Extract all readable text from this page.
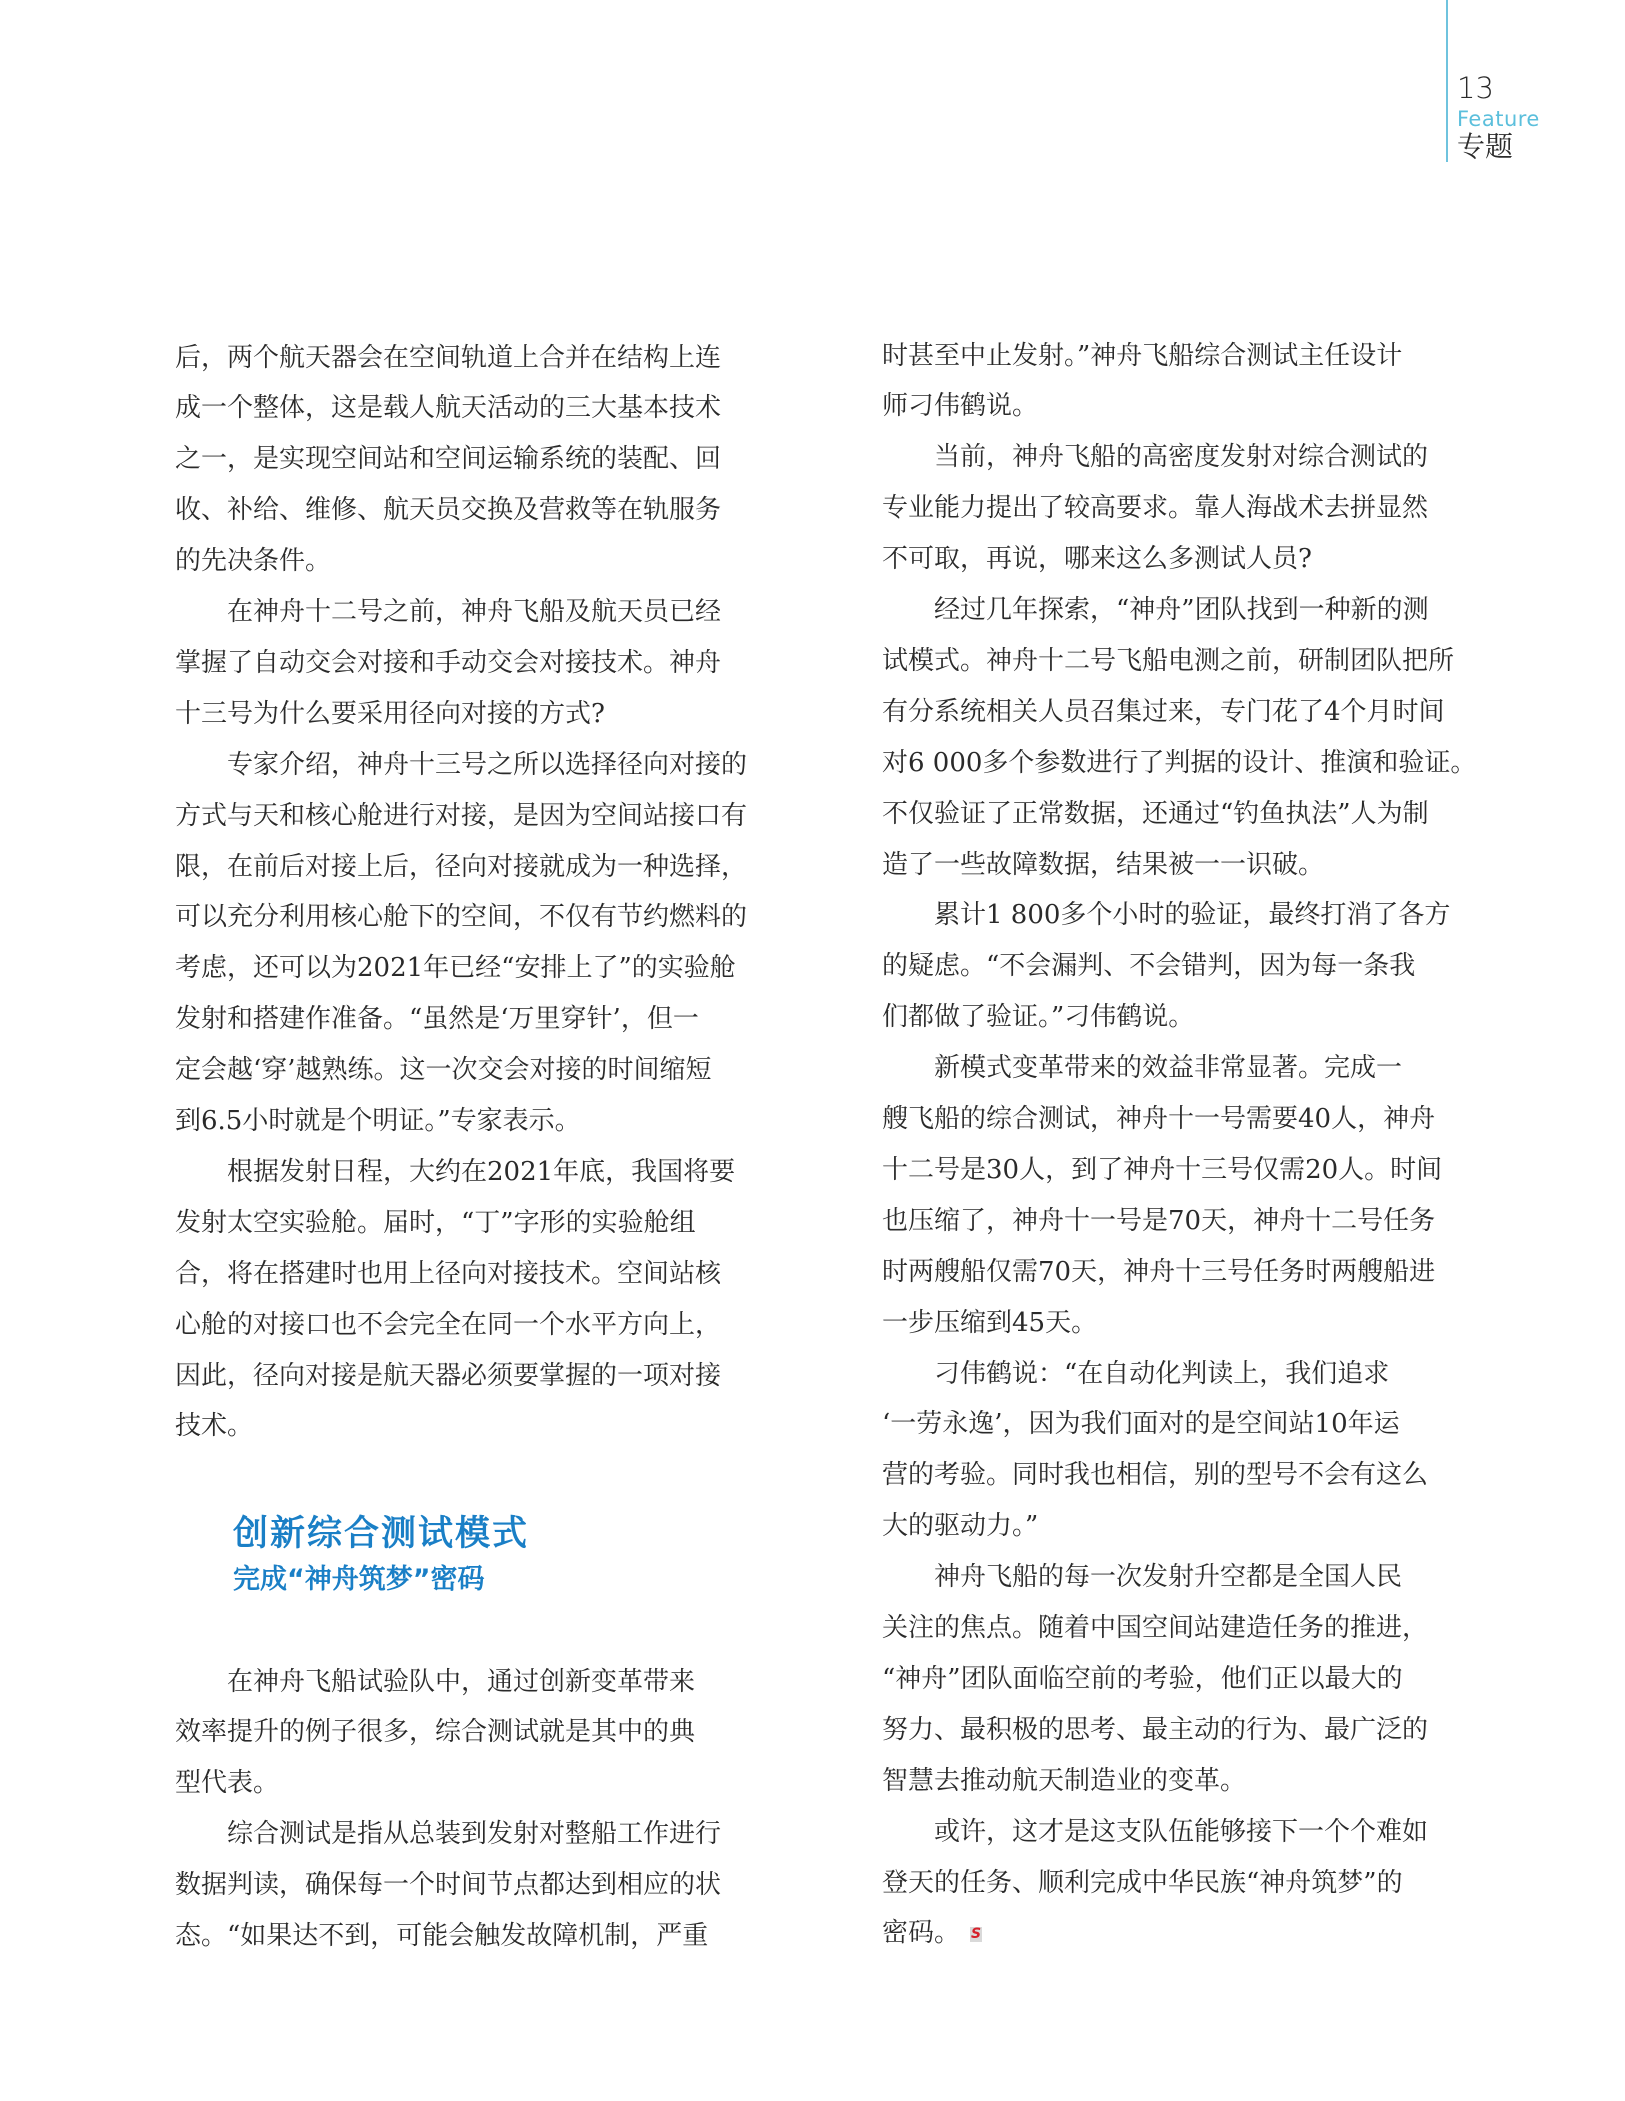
13
Feature
专题
后，两个航天器会在空间轨道上合并在结构上连
成一个整体，这是载人航天活动的三大基本技术
之一，是实现空间站和空间运输系统的装配、回
收、补给、维修、航天员交换及营救等在轨服务
的先决条件。
在神舟十二号之前，神舟飞船及航天员已经
掌握了自动交会对接和手动交会对接技术。神舟
十三号为什么要采用径向对接的方式?
专家介绍，神舟十三号之所以选择径向对接的
方式与天和核心舱进行对接，是因为空间站接口有
限，在前后对接上后，径向对接就成为一种选择，
可以充分利用核心舱下的空间，不仅有节约燃料的
考虑，还可以为2021年已经“安排上了”的实验舱
发射和搭建作准备。“虽然是‘万里穿针’，但一
定会越‘穿’越熟练。这一次交会对接的时间缩短
到6.5小时就是个明证。”专家表示。
根据发射日程，大约在2021年底，我国将要
发射太空实验舱。届时，“丁”字形的实验舱组
合，将在搭建时也用上径向对接技术。空间站核
心舱的对接口也不会完全在同一个水平方向上，
因此，径向对接是航天器必须要掌握的一项对接
技术。
在神舟飞船试验队中，通过创新变革带来
效率提升的例子很多，综合测试就是其中的典
型代表。
综合测试是指从总装到发射对整船工作进行
数据判读，确保每一个时间节点都达到相应的状
态。“如果达不到，可能会触发故障机制，严重
创新综合测试模式
完成“神舟筑梦”密码
时甚至中止发射。”神舟飞船综合测试主任设计
师刁伟鹤说。
当前，神舟飞船的高密度发射对综合测试的
专业能力提出了较高要求。靠人海战术去拼显然
不可取，再说，哪来这么多测试人员?
经过几年探索，“神舟”团队找到一种新的测
试模式。神舟十二号飞船电测之前，研制团队把所
有分系统相关人员召集过来，专门花了4个月时间
对6 000多个参数进行了判据的设计、推演和验证。
不仅验证了正常数据，还通过“钓鱼执法”人为制
造了一些故障数据，结果被一一识破。
累计1 800多个小时的验证，最终打消了各方
的疑虑。“不会漏判、不会错判，因为每一条我
们都做了验证。”刁伟鹤说。
新模式变革带来的效益非常显著。完成一
艘飞船的综合测试，神舟十一号需要40人，神舟
十二号是30人，到了神舟十三号仅需20人。时间
也压缩了，神舟十一号是70天，神舟十二号任务
时两艘船仅需70天，神舟十三号任务时两艘船进
一步压缩到45天。
刁伟鹤说：“在自动化判读上，我们追求
‘一劳永逸’，因为我们面对的是空间站10年运
营的考验。同时我也相信，别的型号不会有这么
大的驱动力。”
神舟飞船的每一次发射升空都是全国人民
关注的焦点。随着中国空间站建造任务的推进，
“神舟”团队面临空前的考验，他们正以最大的
努力、最积极的思考、最主动的行为、最广泛的
智慧去推动航天制造业的变革。
或许，这才是这支队伍能够接下一个个难如
登天的任务、顺利完成中华民族“神舟筑梦”的
密码。 S
